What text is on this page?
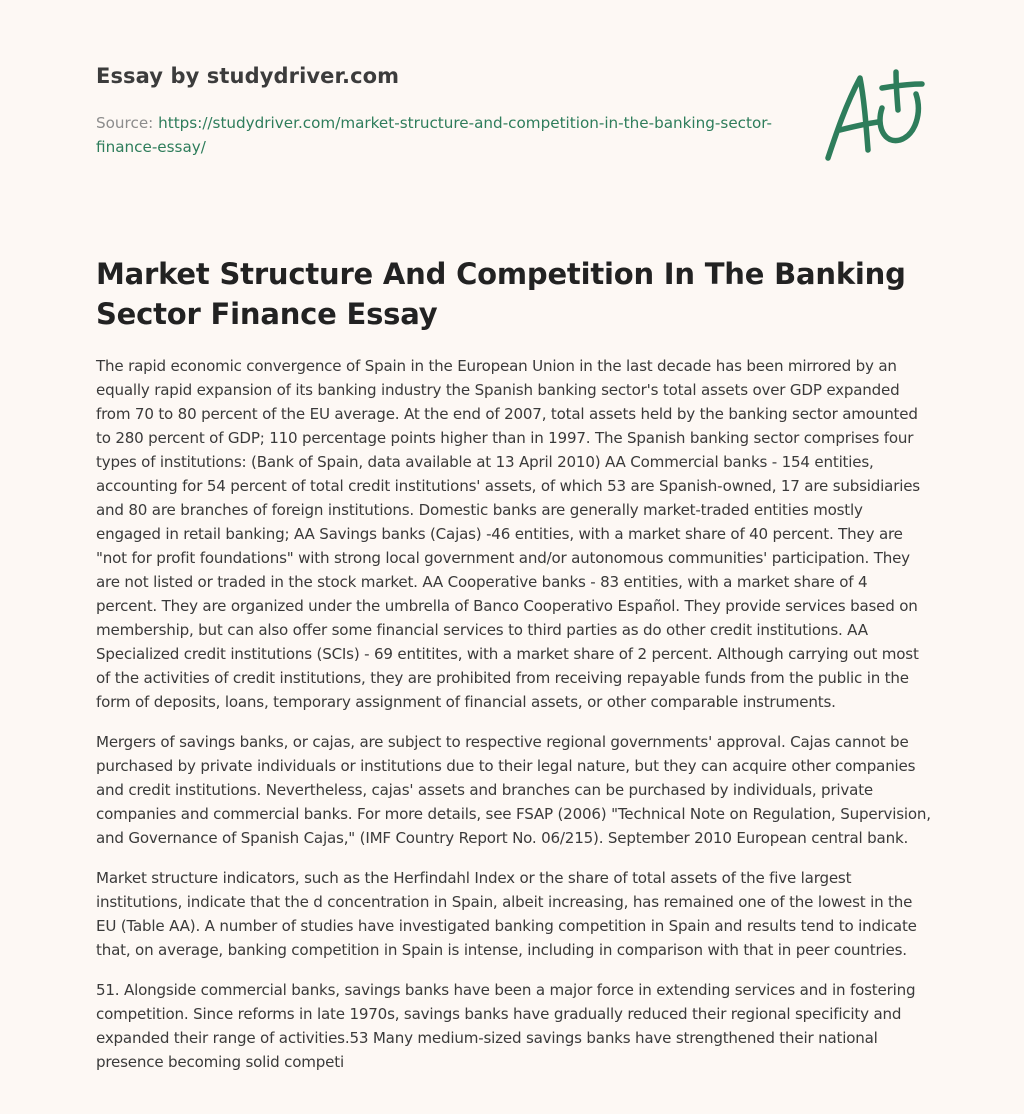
Essay by studydriver.com
Source: https://studydriver.com/market-structure-and-competition-in-the-banking-sector-finance-essay/
Market Structure And Competition In The Banking Sector Finance Essay

The rapid economic convergence of Spain in the European Union in the last decade has been mirrored by an equally rapid expansion of its banking industry the Spanish banking sector's total assets over GDP expanded from 70 to 80 percent of the EU average. At the end of 2007, total assets held by the banking sector amounted to 280 percent of GDP; 110 percentage points higher than in 1997. The Spanish banking sector comprises four types of institutions: (Bank of Spain, data available at 13 April 2010) AA Commercial banks - 154 entities, accounting for 54 percent of total credit institutions' assets, of which 53 are Spanish-owned, 17 are subsidiaries and 80 are branches of foreign institutions. Domestic banks are generally market-traded entities mostly engaged in retail banking; AA Savings banks (Cajas) -46 entities, with a market share of 40 percent. They are "not for profit foundations" with strong local government and/or autonomous communities' participation. They are not listed or traded in the stock market. AA Cooperative banks - 83 entities, with a market share of 4 percent. They are organized under the umbrella of Banco Cooperativo Español. They provide services based on membership, but can also offer some financial services to third parties as do other credit institutions. AA Specialized credit institutions (SCIs) - 69 entitites, with a market share of 2 percent. Although carrying out most of the activities of credit institutions, they are prohibited from receiving repayable funds from the public in the form of deposits, loans, temporary assignment of financial assets, or other comparable instruments.

Mergers of savings banks, or cajas, are subject to respective regional governments' approval. Cajas cannot be purchased by private individuals or institutions due to their legal nature, but they can acquire other companies and credit institutions. Nevertheless, cajas' assets and branches can be purchased by individuals, private companies and commercial banks. For more details, see FSAP (2006) "Technical Note on Regulation, Supervision, and Governance of Spanish Cajas," (IMF Country Report No. 06/215). September 2010 European central bank.

Market structure indicators, such as the Herfindahl Index or the share of total assets of the five largest institutions, indicate that the d concentration in Spain, albeit increasing, has remained one of the lowest in the EU (Table AA). A number of studies have investigated banking competition in Spain and results tend to indicate that, on average, banking competition in Spain is intense, including in comparison with that in peer countries.

51. Alongside commercial banks, savings banks have been a major force in extending services and in fostering competition. Since reforms in late 1970s, savings banks have gradually reduced their regional specificity and expanded their range of activities.53 Many medium-sized savings banks have strengthened their national presence becoming solid competi
